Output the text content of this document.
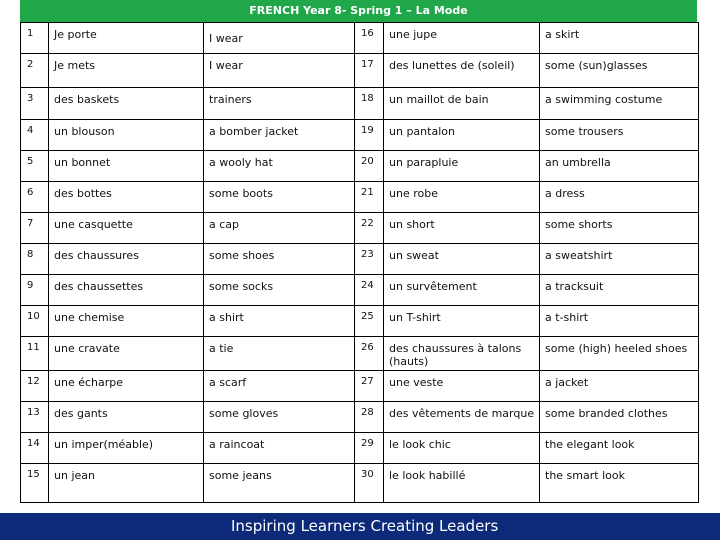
FRENCH Year 8- Spring 1 – La Mode
1	Je porte	I wear	16	une jupe	a skirt
2	Je mets	I wear	17	des lunettes de (soleil)	some (sun)glasses
3	des baskets	trainers	18	un maillot de bain	a swimming costume
4	un blouson	a bomber jacket	19	un pantalon	some trousers
5	un bonnet	a wooly hat	20	un parapluie	an umbrella
6	des bottes	some boots	21	une robe	a dress
7	une casquette	a cap	22	un short	some shorts
8	des chaussures	some shoes	23	un sweat	a sweatshirt
9	des chaussettes	some socks	24	un survêtement	a tracksuit
10	une chemise	a shirt	25	un T-shirt	a t-shirt
11	une cravate	a tie	26	des chaussures à talons (hauts)	some (high) heeled shoes
12	une écharpe	a scarf	27	une veste	a jacket
13	des gants	some gloves	28	des vêtements de marque	some branded clothes
14	un imper(méable)	a raincoat	29	le look chic	the elegant look
15	un jean	some jeans	30	le look habillé	the smart look
Inspiring Learners Creating Leaders
